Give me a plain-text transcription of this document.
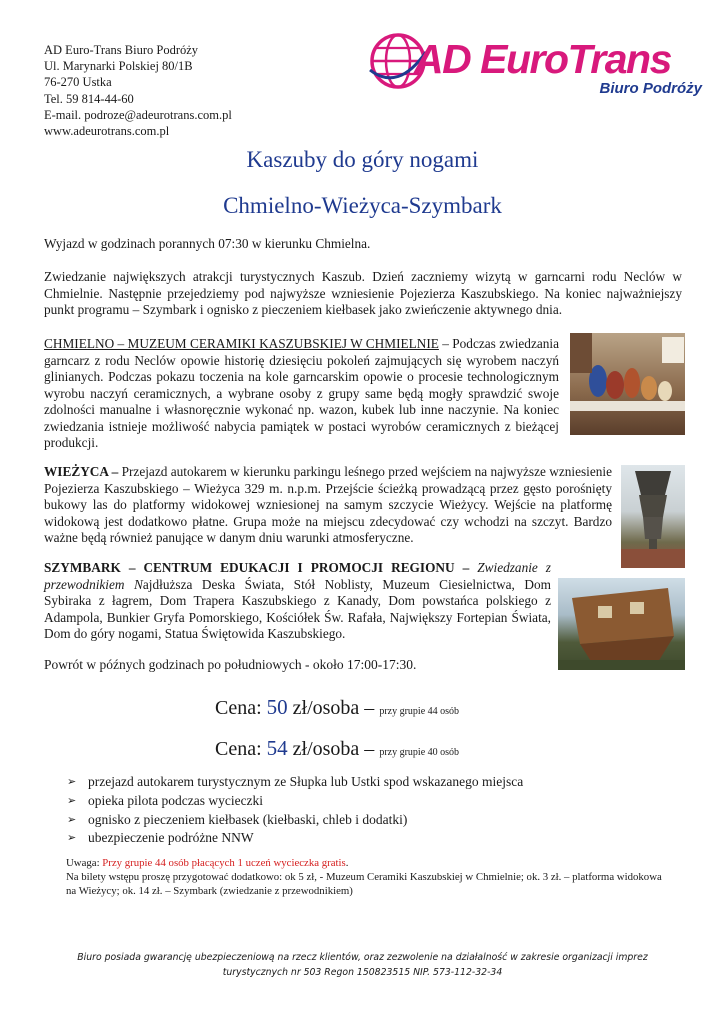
AD Euro-Trans Biuro Podróży
Ul. Marynarki Polskiej 80/1B
76-270 Ustka
Tel. 59 814-44-60
E-mail. podroze@adeurotrans.com.pl
www.adeurotrans.com.pl
AD EuroTrans
Biuro Podróży
Kaszuby do góry nogami
Chmielno-Wieżyca-Szymbark

Wyjazd w godzinach porannych 07:30 w kierunku Chmielna.

Zwiedzanie największych atrakcji turystycznych Kaszub. Dzień zaczniemy wizytą w garncarni rodu Neclów w Chmielnie. Następnie przejedziemy pod najwyższe wzniesienie Pojezierza Kaszubskiego. Na koniec najważniejszy punkt programu – Szymbark i ognisko z pieczeniem kiełbasek jako zwieńczenie aktywnego dnia.

CHMIELNO – MUZEUM CERAMIKI KASZUBSKIEJ W CHMIELNIE – Podczas zwiedzania garncarz z rodu Neclów opowie historię dziesięciu pokoleń zajmujących się wyrobem naczyń glinianych. Podczas pokazu toczenia na kole garncarskim opowie o procesie technologicznym wyrobu naczyń ceramicznych, a wybrane osoby z grupy same będą mogły sprawdzić swoje zdolności manualne i własnoręcznie wykonać np. wazon, kubek lub inne naczynie. Na koniec zwiedzania istnieje możliwość nabycia pamiątek w postaci wyrobów ceramicznych z bieżącej produkcji.

WIEŻYCA – Przejazd autokarem w kierunku parkingu leśnego przed wejściem na najwyższe wzniesienie Pojezierza Kaszubskiego – Wieżyca 329 m. n.p.m. Przejście ścieżką prowadzącą przez gęsto porośnięty bukowy las do platformy widokowej wzniesionej na samym szczycie Wieżycy. Wejście na platformę widokową jest dodatkowo płatne. Grupa może na miejscu zdecydować czy wchodzi na szczyt. Bardzo ważne będą również panujące w danym dniu warunki atmosferyczne.

SZYMBARK – CENTRUM EDUKACJI I PROMOCJI REGIONU – Zwiedzanie z przewodnikiem Najdłuższa Deska Świata, Stół Noblisty, Muzeum Ciesielnictwa, Dom Sybiraka z łagrem, Dom Trapera Kaszubskiego z Kanady, Dom powstańca polskiego z Adampola, Bunkier Gryfa Pomorskiego, Kościółek Św. Rafała, Największy Fortepian Świata, Dom do góry nogami, Statua Świętowida Kaszubskiego.

Powrót w późnych godzinach po południowych - około 17:00-17:30.

Cena: 50 zł/osoba – przy grupie 44 osób
Cena: 54 zł/osoba – przy grupie 40 osób
➢ przejazd autokarem turystycznym ze Słupka lub Ustki spod wskazanego miejsca
➢ opieka pilota podczas wycieczki
➢ ognisko z pieczeniem kiełbasek (kiełbaski, chleb i dodatki)
➢ ubezpieczenie podróżne NNW
Uwaga: Przy grupie 44 osób płacących 1 uczeń wycieczka gratis.
Na bilety wstępu proszę przygotować dodatkowo: ok 5 zł, - Muzeum Ceramiki Kaszubskiej w Chmielnie; ok. 3 zł. – platforma widokowa na Wieżycy; ok. 14 zł. – Szymbark (zwiedzanie z przewodnikiem)
Biuro posiada gwarancję ubezpieczeniową na rzecz klientów, oraz zezwolenie na działalność w zakresie organizacji imprez
turystycznych nr 503 Regon 150823515 NIP. 573-112-32-34
